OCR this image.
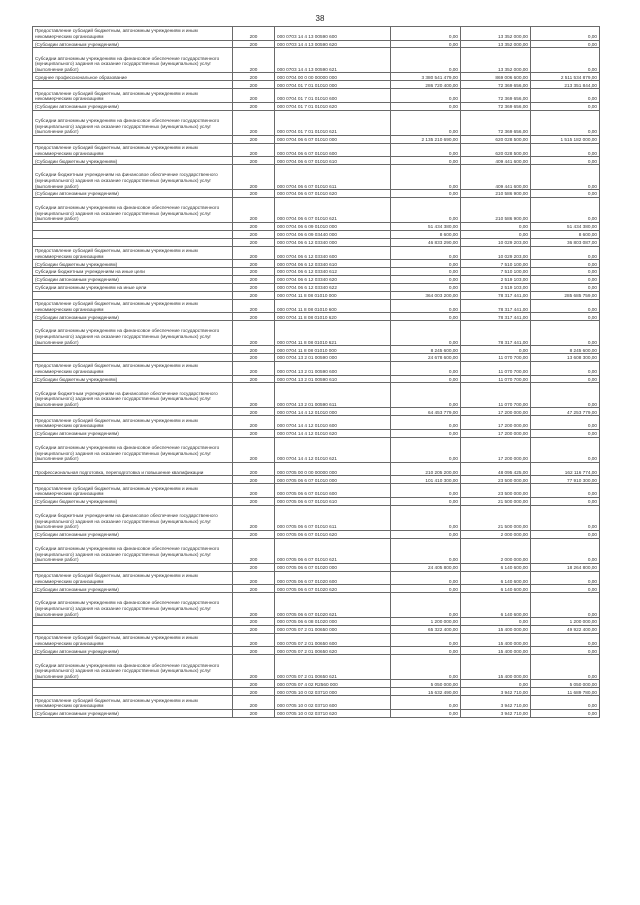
38
Предоставление субсидий бюджетным, автономным учреждениям и иным некоммерческим организациям	200	000 0703 14 4 13 00590 600	0,00	13 352 000,00	0,00
(Субсидии автономным учреждениям)	200	000 0703 14 4 13 00590 620	0,00	13 352 000,00	0,00
Субсидии автономным учреждениям на финансовое обеспечение государственного (муниципального) задания на оказание государственных (муниципальных) услуг (выполнение работ)	200	000 0703 14 4 13 00590 621	0,00	13 352 000,00	0,00
Среднее профессиональное образование	200	000 0704 00 0 00 00000 000	3 380 541 479,00	869 006 600,00	2 511 534 879,00
	200	000 0704 01 7 01 01010 000	286 720 400,00	72 369 656,00	213 351 844,00
Предоставление субсидий бюджетным, автономным учреждениям и иным некоммерческим организациям	200	000 0704 01 7 01 01010 600	0,00	72 369 656,00	0,00
(Субсидии автономным учреждениям)	200	000 0704 01 7 01 01010 620	0,00	72 369 656,00	0,00
Субсидии автономным учреждениям на финансовое обеспечение государственного (муниципального) задания на оказание государственных (муниципальных) услуг (выполнение работ)	200	000 0704 01 7 01 01010 621	0,00	72 369 656,00	0,00
	200	000 0704 06 6 07 01010 000	2 135 210 690,00	620 028 500,00	1 515 182 000,00
Предоставление субсидий бюджетным, автономным учреждениям и иным некоммерческим организациям	200	000 0704 06 6 07 01010 600	0,00	620 028 500,00	0,00
(Субсидии бюджетным учреждениям)	200	000 0704 06 6 07 01010 610	0,00	409 441 600,00	0,00
Субсидии бюджетным учреждениям на финансовое обеспечение государственного (муниципального) задания на оказание государственных (муниципальных) услуг (выполнение работ)	200	000 0704 06 6 07 01010 611	0,00	409 441 600,00	0,00
(Субсидии автономным учреждениям)	200	000 0704 06 6 07 01010 620	0,00	210 586 900,00	0,00
Субсидии автономным учреждениям на финансовое обеспечение государственного (муниципального) задания на оказание государственных (муниципальных) услуг (выполнение работ)	200	000 0704 06 6 07 01010 621	0,00	210 586 900,00	0,00
	200	000 0704 06 6 09 01010 000	51 434 380,00	0,00	51 434 380,00
	200	000 0704 06 6 09 03440 000	8 600,00	0,00	8 600,00
	200	000 0704 06 6 12 03340 000	46 833 290,00	10 029 203,00	36 803 087,00
Предоставление субсидий бюджетным, автономным учреждениям и иным некоммерческим организациям	200	000 0704 06 6 12 03340 600	0,00	10 029 203,00	0,00
(Субсидии бюджетным учреждениям)	200	000 0704 06 6 12 03340 610	0,00	7 510 100,00	0,00
Субсидии бюджетным учреждениям на иные цели	200	000 0704 06 6 12 03340 612	0,00	7 510 100,00	0,00
(Субсидии автономным учреждениям)	200	000 0704 06 6 12 03340 620	0,00	2 519 103,00	0,00
Субсидии автономным учреждениям на иные цели	200	000 0704 06 6 12 03340 622	0,00	2 519 103,00	0,00
	200	000 0704 11 8 08 01010 000	364 003 200,00	78 317 441,00	285 685 759,00
Предоставление субсидий бюджетным, автономным учреждениям и иным некоммерческим организациям	200	000 0704 11 8 08 01010 600	0,00	78 317 441,00	0,00
(Субсидии автономным учреждениям)	200	000 0704 11 8 08 01010 620	0,00	78 317 441,00	0,00
Субсидии автономным учреждениям на финансовое обеспечение государственного (муниципального) задания на оказание государственных (муниципальных) услуг (выполнение работ)	200	000 0704 11 8 08 01010 621	0,00	78 317 441,00	0,00
	200	000 0704 11 8 08 01010 000	8 245 600,00	0,00	8 245 600,00
	200	000 0704 13 2 01 00590 000	24 678 600,00	11 070 700,00	13 608 300,00
Предоставление субсидий бюджетным, автономным учреждениям и иным некоммерческим организациям	200	000 0704 13 2 01 00590 600	0,00	11 070 700,00	0,00
(Субсидии бюджетным учреждениям)	200	000 0704 13 2 01 00590 610	0,00	11 070 700,00	0,00
Субсидии бюджетным учреждениям на финансовое обеспечение государственного (муниципального) задания на оказание государственных (муниципальных) услуг (выполнение работ)	200	000 0704 13 2 01 00590 611	0,00	11 070 700,00	0,00
	200	000 0704 14 4 12 01010 000	64 453 779,00	17 200 000,00	47 253 779,00
Предоставление субсидий бюджетным, автономным учреждениям и иным некоммерческим организациям	200	000 0704 14 4 12 01010 600	0,00	17 200 000,00	0,00
(Субсидии автономным учреждениям)	200	000 0704 14 4 12 01010 620	0,00	17 200 000,00	0,00
Субсидии автономным учреждениям на финансовое обеспечение государственного (муниципального) задания на оказание государственных (муниципальных) услуг (выполнение работ)	200	000 0704 14 4 12 01010 621	0,00	17 200 000,00	0,00
Профессиональная подготовка, переподготовка и повышение квалификации	200	000 0705 00 0 00 00000 000	210 205 200,00	48 095 425,00	162 116 774,00
	200	000 0705 06 6 07 01010 000	101 410 300,00	23 500 000,00	77 910 300,00
Предоставление субсидий бюджетным, автономным учреждениям и иным некоммерческим организациям	200	000 0705 06 6 07 01010 600	0,00	23 500 000,00	0,00
(Субсидии бюджетным учреждениям)	200	000 0705 06 6 07 01010 610	0,00	21 500 000,00	0,00
Субсидии бюджетным учреждениям на финансовое обеспечение государственного (муниципального) задания на оказание государственных (муниципальных) услуг (выполнение работ)	200	000 0705 06 6 07 01010 611	0,00	21 500 000,00	0,00
(Субсидии автономным учреждениям)	200	000 0705 06 6 07 01010 620	0,00	2 000 000,00	0,00
Субсидии автономным учреждениям на финансовое обеспечение государственного (муниципального) задания на оказание государственных (муниципальных) услуг (выполнение работ)	200	000 0705 06 6 07 01010 621	0,00	2 000 000,00	0,00
	200	000 0705 06 6 07 01020 000	24 405 800,00	6 140 600,00	18 264 800,00
Предоставление субсидий бюджетным, автономным учреждениям и иным некоммерческим организациям	200	000 0705 06 6 07 01020 600	0,00	6 140 600,00	0,00
(Субсидии автономным учреждениям)	200	000 0705 06 6 07 01020 620	0,00	6 140 600,00	0,00
Субсидии автономным учреждениям на финансовое обеспечение государственного (муниципального) задания на оказание государственных (муниципальных) услуг (выполнение работ)	200	000 0705 06 6 07 01020 621	0,00	6 140 600,00	0,00
	200	000 0705 06 6 08 01020 000	1 200 000,00	0,00	1 200 000,00
	200	000 0705 07 2 01 00650 000	65 322 400,00	15 400 000,00	49 922 400,00
Предоставление субсидий бюджетным, автономным учреждениям и иным некоммерческим организациям	200	000 0705 07 2 01 00650 600	0,00	15 400 000,00	0,00
(Субсидии автономным учреждениям)	200	000 0705 07 2 01 00650 620	0,00	15 400 000,00	0,00
Субсидии автономным учреждениям на финансовое обеспечение государственного (муниципального) задания на оказание государственных (муниципальных) услуг (выполнение работ)	200	000 0705 07 2 01 00650 621	0,00	15 400 000,00	0,00
	200	000 0705 07 4 02 R2560 000	5 050 000,00	0,00	5 050 000,00
	200	000 0705 10 0 02 03710 000	15 632 490,00	3 942 710,00	11 689 780,00
Предоставление субсидий бюджетным, автономным учреждениям и иным некоммерческим организациям	200	000 0705 10 0 02 03710 600	0,00	3 942 710,00	0,00
(Субсидии автономным учреждениям)	200	000 0705 10 0 02 03710 620	0,00	3 942 710,00	0,00
